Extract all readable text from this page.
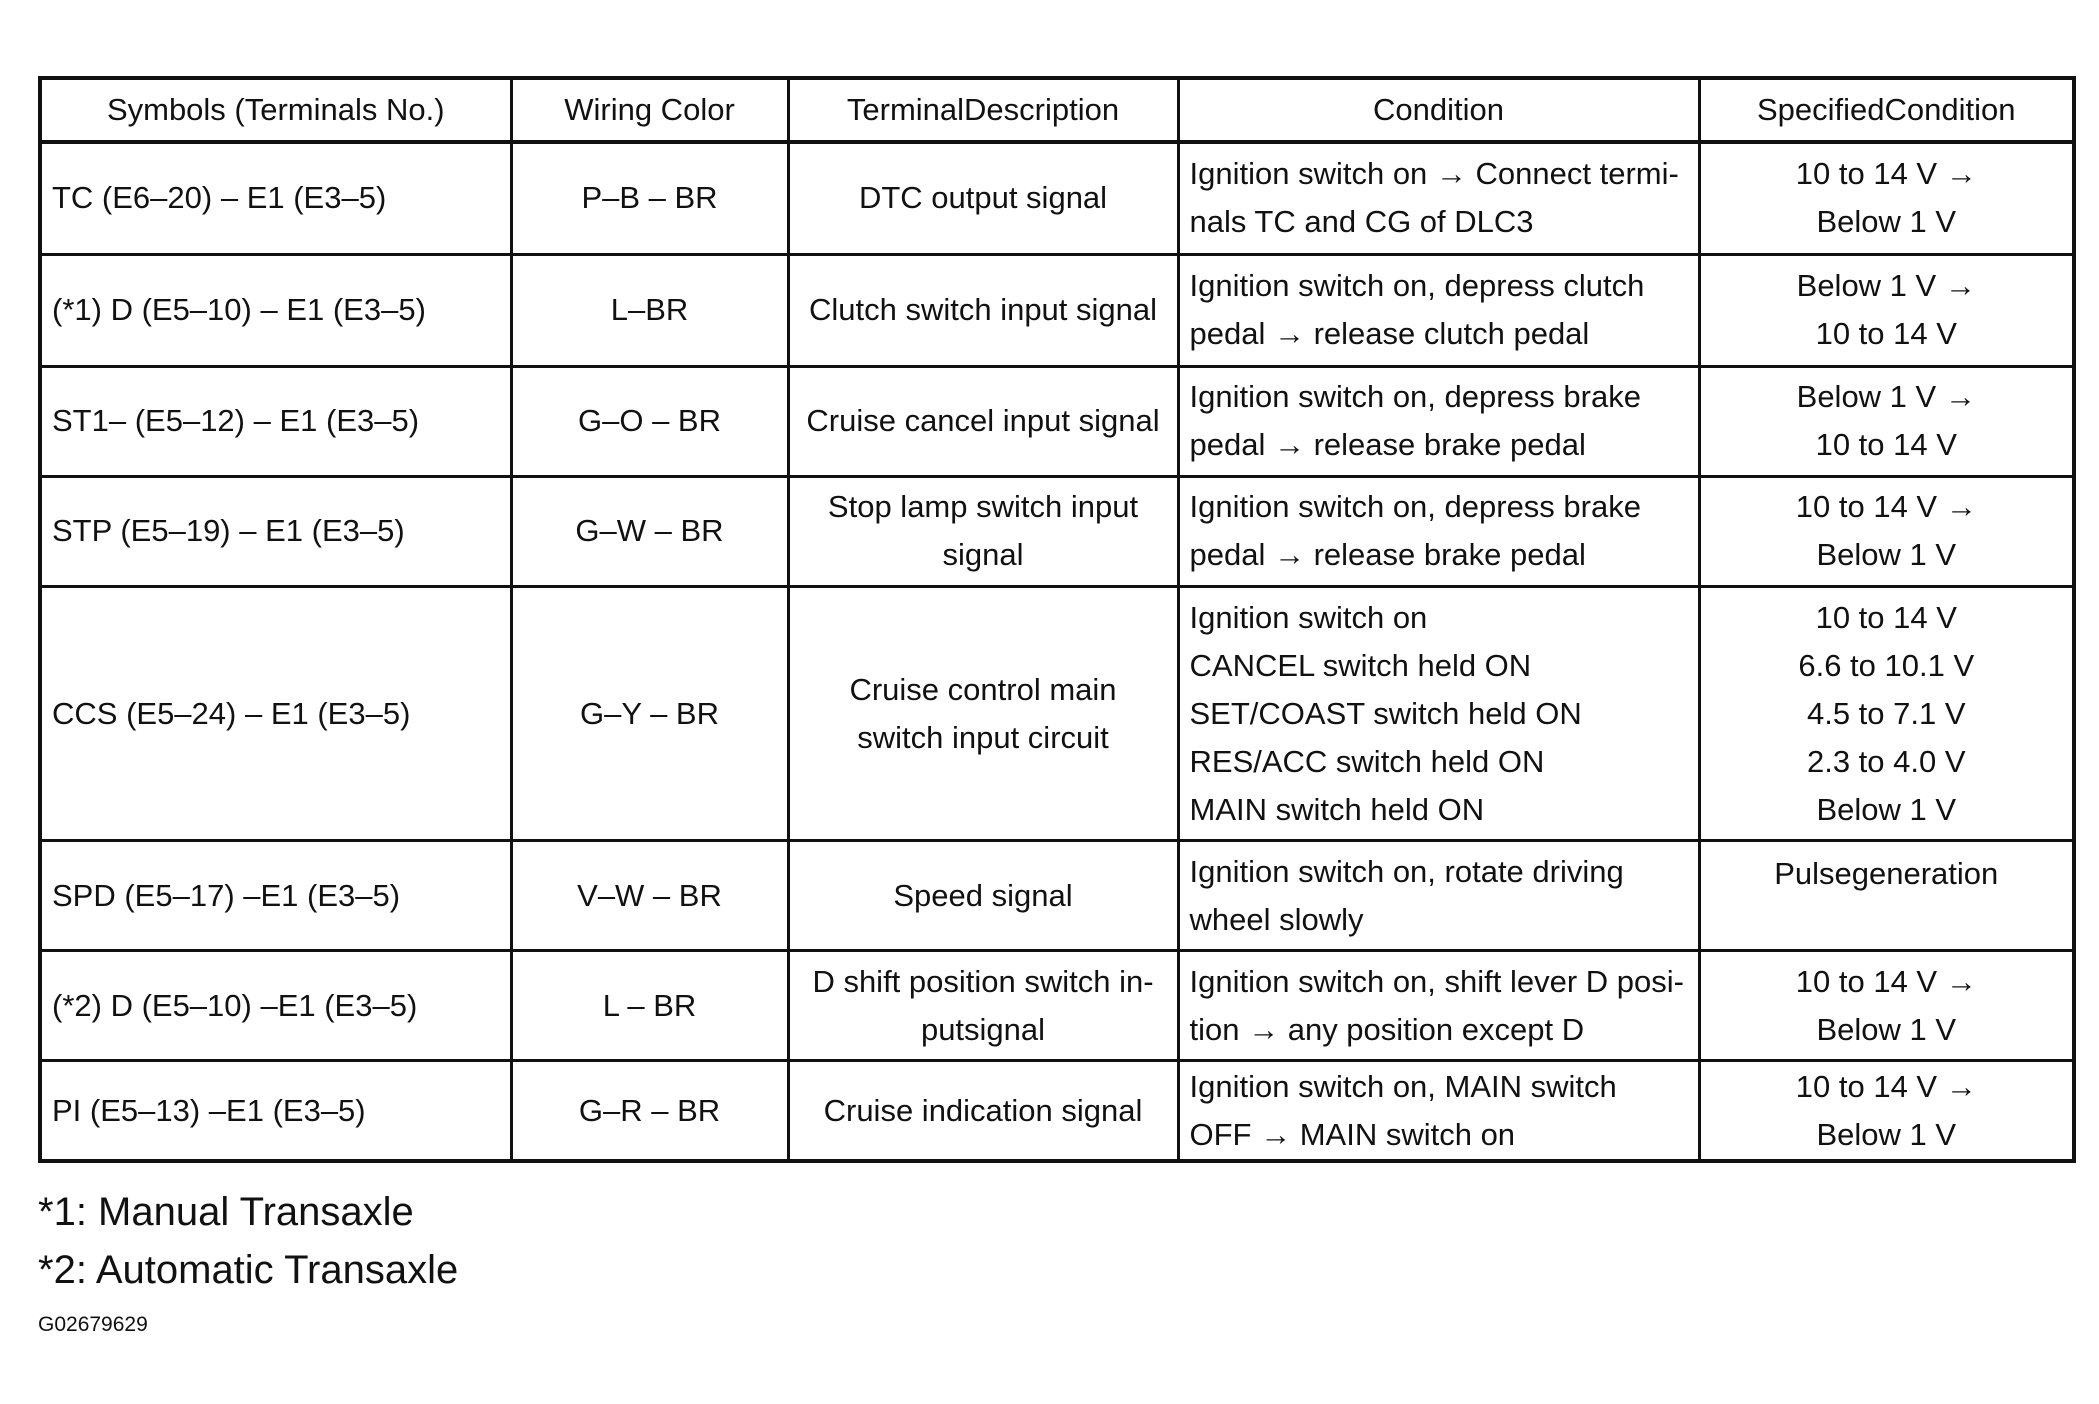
Symbols (Terminals No.)	Wiring Color	TerminalDescription	Condition	SpecifiedCondition
TC (E6–20) – E1 (E3–5)	P–B – BR	DTC output signal	Ignition switch on → Connect termi-
nals TC and CG of DLC3	10 to 14 V →
Below 1 V

(*1) D (E5–10) – E1 (E3–5)	L–BR	Clutch switch input signal	Ignition switch on, depress clutch
pedal → release clutch pedal	Below 1 V →
10 to 14 V

ST1– (E5–12) – E1 (E3–5)	G–O – BR	Cruise cancel input signal	Ignition switch on, depress brake
pedal → release brake pedal	Below 1 V →
10 to 14 V

STP (E5–19) – E1 (E3–5)	G–W – BR	Stop lamp switch input
signal	Ignition switch on, depress brake
pedal → release brake pedal	10 to 14 V →
Below 1 V

CCS (E5–24) – E1 (E3–5)	G–Y – BR	Cruise control main
switch input circuit	Ignition switch on
CANCEL switch held ON
SET/COAST switch held ON
RES/ACC switch held ON
MAIN switch held ON	10 to 14 V
6.6 to 10.1 V
4.5 to 7.1 V
2.3 to 4.0 V
Below 1 V

SPD (E5–17) –E1 (E3–5)	V–W – BR	Speed signal	Ignition switch on, rotate driving
wheel slowly	Pulsegeneration

(*2) D (E5–10) –E1 (E3–5)	L – BR	D shift position switch in-
putsignal	Ignition switch on, shift lever D posi-
tion → any position except D	10 to 14 V →
Below 1 V

PI (E5–13) –E1 (E3–5)	G–R – BR	Cruise indication signal	Ignition switch on, MAIN switch
OFF → MAIN switch on	10 to 14 V →
Below 1 V
*1: Manual Transaxle
*2: Automatic Transaxle
G02679629
